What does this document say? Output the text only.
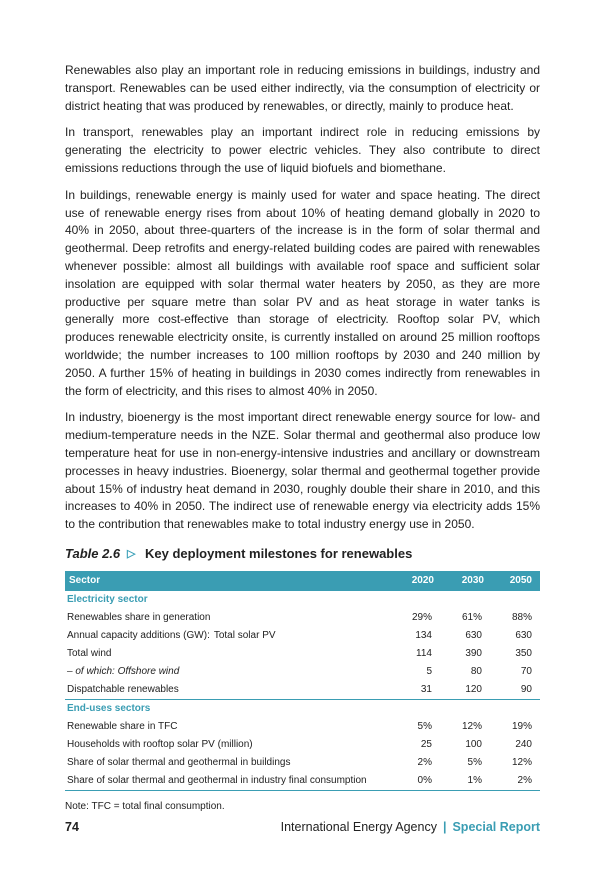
Renewables also play an important role in reducing emissions in buildings, industry and transport. Renewables can be used either indirectly, via the consumption of electricity or district heating that was produced by renewables, or directly, mainly to produce heat.

In transport, renewables play an important indirect role in reducing emissions by generating the electricity to power electric vehicles. They also contribute to direct emissions reductions through the use of liquid biofuels and biomethane.

In buildings, renewable energy is mainly used for water and space heating. The direct use of renewable energy rises from about 10% of heating demand globally in 2020 to 40% in 2050, about three-quarters of the increase is in the form of solar thermal and geothermal. Deep retrofits and energy-related building codes are paired with renewables whenever possible: almost all buildings with available roof space and sufficient solar insolation are equipped with solar thermal water heaters by 2050, as they are more productive per square metre than solar PV and as heat storage in water tanks is generally more cost-effective than storage of electricity. Rooftop solar PV, which produces renewable electricity onsite, is currently installed on around 25 million rooftops worldwide; the number increases to 100 million rooftops by 2030 and 240 million by 2050. A further 15% of heating in buildings in 2030 comes indirectly from renewables in the form of electricity, and this rises to almost 40% in 2050.

In industry, bioenergy is the most important direct renewable energy source for low- and medium-temperature needs in the NZE. Solar thermal and geothermal also produce low temperature heat for use in non-energy-intensive industries and ancillary or downstream processes in heavy industries. Bioenergy, solar thermal and geothermal together provide about 15% of industry heat demand in 2030, roughly double their share in 2010, and this increases to 40% in 2050. The indirect use of renewable energy via electricity adds 15% to the contribution that renewables make to total industry energy use in 2050.

Table 2.6 ▷ Key deployment milestones for renewables
Sector	2020	2030	2050
Electricity sector			
Renewables share in generation	29%	61%	88%
Annual capacity additions (GW): Total solar PV	134	630	630
Total wind	114	390	350
– of which: Offshore wind	5	80	70
Dispatchable renewables	31	120	90
End-uses sectors			
Renewable share in TFC	5%	12%	19%
Households with rooftop solar PV (million)	25	100	240
Share of solar thermal and geothermal in buildings	2%	5%	12%
Share of solar thermal and geothermal in industry final consumption	0%	1%	2%
Note: TFC = total final consumption.
74	International Energy Agency | Special Report
